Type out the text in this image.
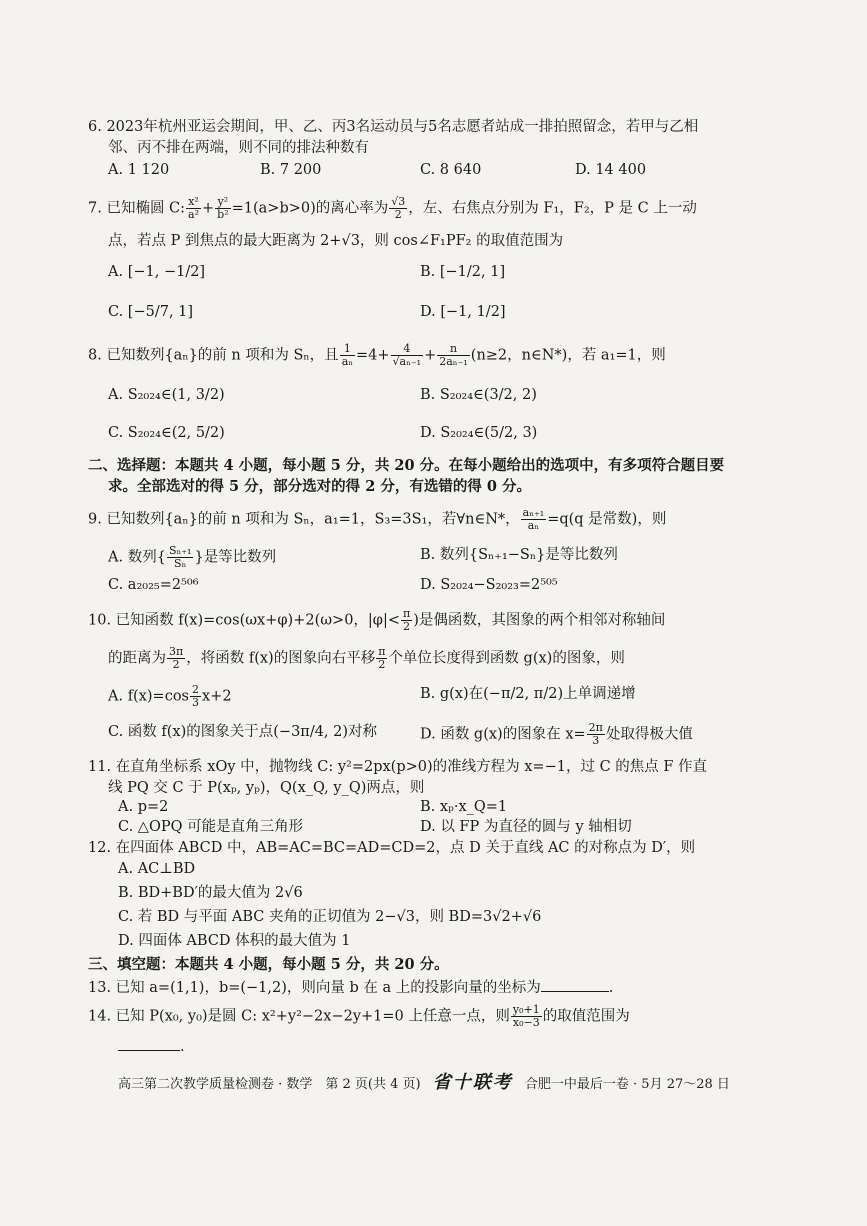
6. 2023年杭州亚运会期间，甲、乙、丙3名运动员与5名志愿者站成一排拍照留念，若甲与乙相
邻、丙不排在两端，则不同的排法种数有
A. 1 120	B. 7 200	C. 8 640	D. 14 400
7. 已知椭圆 C: $\frac{\text{x²}}{\text{a²}} + \frac{\text{y²}}{\text{b²}} =1(a>b>0)$的离心率为 $\frac{√3}{2}$ ，左、右焦点分别为 F₁，F₂，P 是 C 上一动
点，若点 P 到焦点的最大距离为 2+√3，则 cos∠F₁PF₂ 的取值范围为
A. [−1, −1/2]	B. [−1/2, 1]
C. [−5/7, 1]	D. [−1, 1/2]
8. 已知数列{aₙ}的前 n 项和为 Sₙ，且 $\frac{1}{\text{aₙ}} =4+ \frac{4}{\text{√aₙ₋₁}} + \frac{n}{\text{2aₙ₋₁}} (n\ge 2$，n∈N*)，若 a₁=1，则
A. S₂₀₂₄∈(1, 3/2)	B. S₂₀₂₄∈(3/2, 2)
C. S₂₀₂₄∈(2, 5/2)	D. S₂₀₂₄∈(5/2, 3)
二、选择题：本题共 4 小题，每小题 5 分，共 20 分。在每小题给出的选项中，有多项符合题目要
求。全部选对的得 5 分，部分选对的得 2 分，有选错的得 0 分。
9. 已知数列{aₙ}的前 n 项和为 Sₙ，a₁=1，S₃=3S₁，若∀n∈N*， $\frac{\text{aₙ₊₁}}{\text{aₙ}} =q(q$ 是常数)，则
A. 数列{ $\frac{\text{Sₙ₊₁}}{\text{Sₙ}}$ }是等比数列	B. 数列{Sₙ₊₁−Sₙ}是等比数列
C. a₂₀₂₅=2⁵⁰⁶	D. S₂₀₂₄−S₂₀₂₃=2⁵⁰⁵
10. 已知函数 f(x)=cos(ωx+φ)+2(ω>0，$|\varphi|< \frac{\pi}{2}$ )是偶函数，其图象的两个相邻对称轴间
的距离为 $\frac{3\pi}{2}$ ，将函数 f(x)的图象向右平移 $\frac{\pi}{2}$ 个单位长度得到函数 g(x)的图象，则
A. $f(x)=\cos \frac{2}{3} x+2$	B. g(x)在(−π/2, π/2)上单调递增
C. 函数 f(x)的图象关于点(−3π/4, 2)对称	D. 函数 g(x)的图象在 $x= \frac{2\pi}{3}$ 处取得极大值
11. 在直角坐标系 xOy 中，抛物线 C: y²=2px(p>0)的准线方程为 x=−1，过 C 的焦点 F 作直
线 PQ 交 C 于 P(xₚ, yₚ)，Q(x_Q, y_Q)两点，则
A. p=2	B. xₚ·x_Q=1
C. △OPQ 可能是直角三角形	D. 以 FP 为直径的圆与 y 轴相切
12. 在四面体 ABCD 中，AB=AC=BC=AD=CD=2，点 D 关于直线 AC 的对称点为 D′，则
A. AC⊥BD
B. BD+BD′的最大值为 2√6
C. 若 BD 与平面 ABC 夹角的正切值为 2−√3，则 BD=3√2+√6
D. 四面体 ABCD 体积的最大值为 1
三、填空题：本题共 4 小题，每小题 5 分，共 20 分。
13. 已知 a=(1,1)，b=(−1,2)，则向量 b 在 a 上的投影向量的坐标为	.
14. 已知 P(x₀, y₀)是圆 C: x²+y²−2x−2y+1=0 上任意一点，则 $\frac{\text{y₀+1}}{\text{x₀−3}}$ 的取值范围为
.
高三第二次教学质量检测卷 · 数学　第 2 页(共 4 页) 省十联考 合肥一中最后一卷 · 5月 27～28 日
